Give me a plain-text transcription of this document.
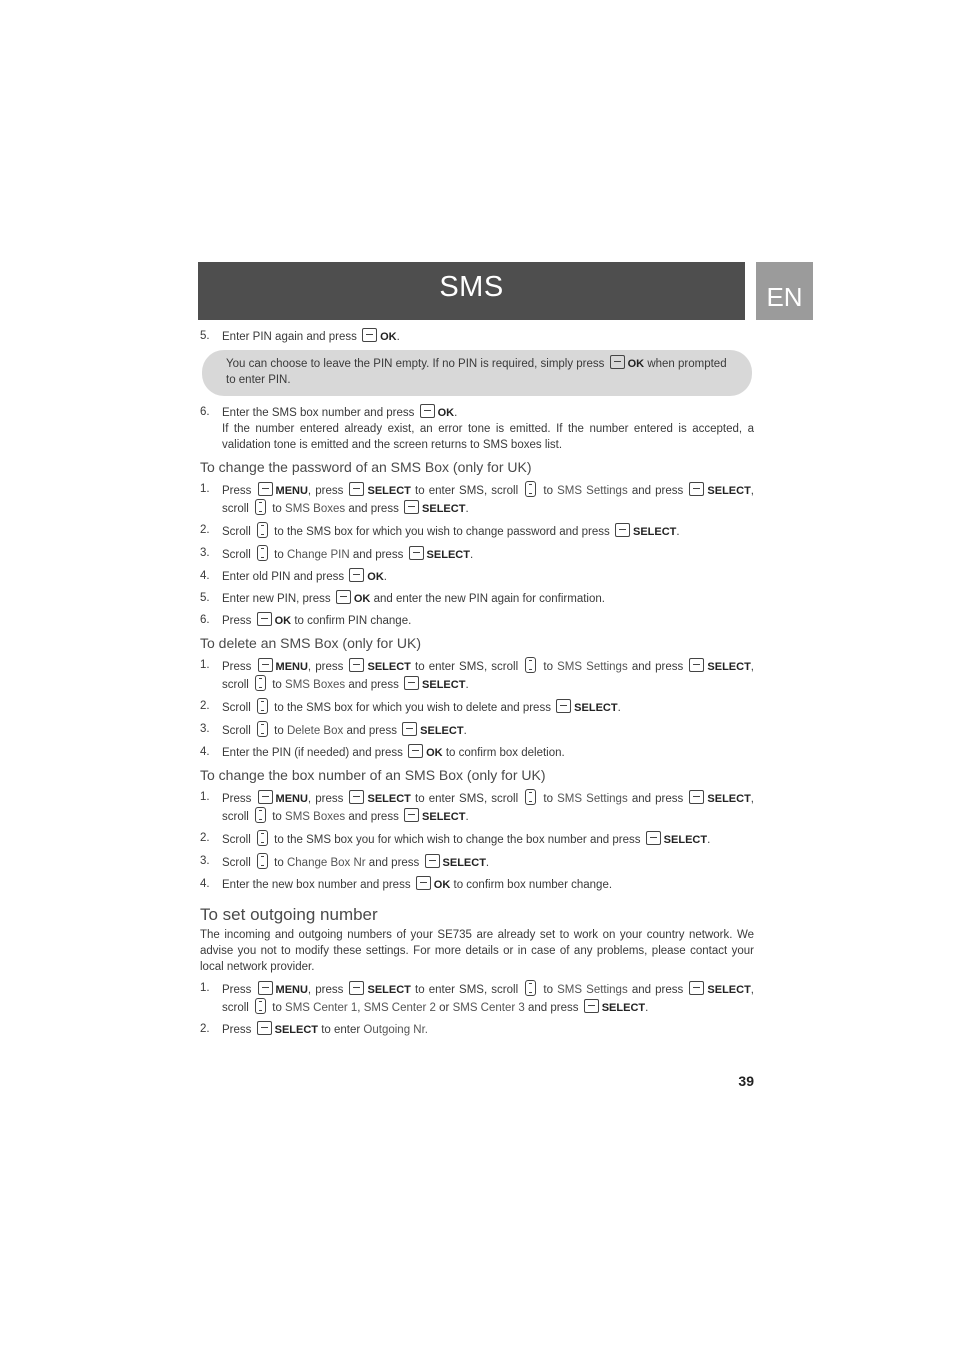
SMS	EN
5. Enter PIN again and press OK.
You can choose to leave the PIN empty. If no PIN is required, simply press OK when prompted to enter PIN.
6. Enter the SMS box number and press OK.
If the number entered already exist, an error tone is emitted. If the number entered is accepted, a validation tone is emitted and the screen returns to SMS boxes list.
To change the password of an SMS Box (only for UK)
1. Press MENU, press SELECT to enter SMS, scroll  to SMS Settings and press SELECT, scroll  to SMS Boxes and press SELECT.
2. Scroll to the SMS box for which you wish to change password and press SELECT.
3. Scroll to Change PIN and press SELECT.
4. Enter old PIN and press OK.
5. Enter new PIN, press OK and enter the new PIN again for confirmation.
6. Press OK to confirm PIN change.
To delete an SMS Box (only for UK)
1. Press MENU, press SELECT to enter SMS, scroll  to SMS Settings and press SELECT, scroll  to SMS Boxes and press SELECT.
2. Scroll to the SMS box for which you wish to delete and press SELECT.
3. Scroll to Delete Box and press SELECT.
4. Enter the PIN (if needed) and press OK to confirm box deletion.
To change the box number of an SMS Box (only for UK)
1. Press MENU, press SELECT to enter SMS, scroll  to SMS Settings and press SELECT, scroll  to SMS Boxes and press SELECT.
2. Scroll to the SMS box you for which wish to change the box number and press SELECT.
3. Scroll to Change Box Nr and press SELECT.
4. Enter the new box number and press OK to confirm box number change.
To set outgoing number
The incoming and outgoing numbers of your SE735 are already set to work on your country network. We advise you not to modify these settings. For more details or in case of any problems, please contact your local network provider.
1. Press MENU, press SELECT to enter SMS, scroll  to SMS Settings and press SELECT, scroll to SMS Center 1, SMS Center 2 or SMS Center 3 and press SELECT.
2. Press SELECT to enter Outgoing Nr.
39
